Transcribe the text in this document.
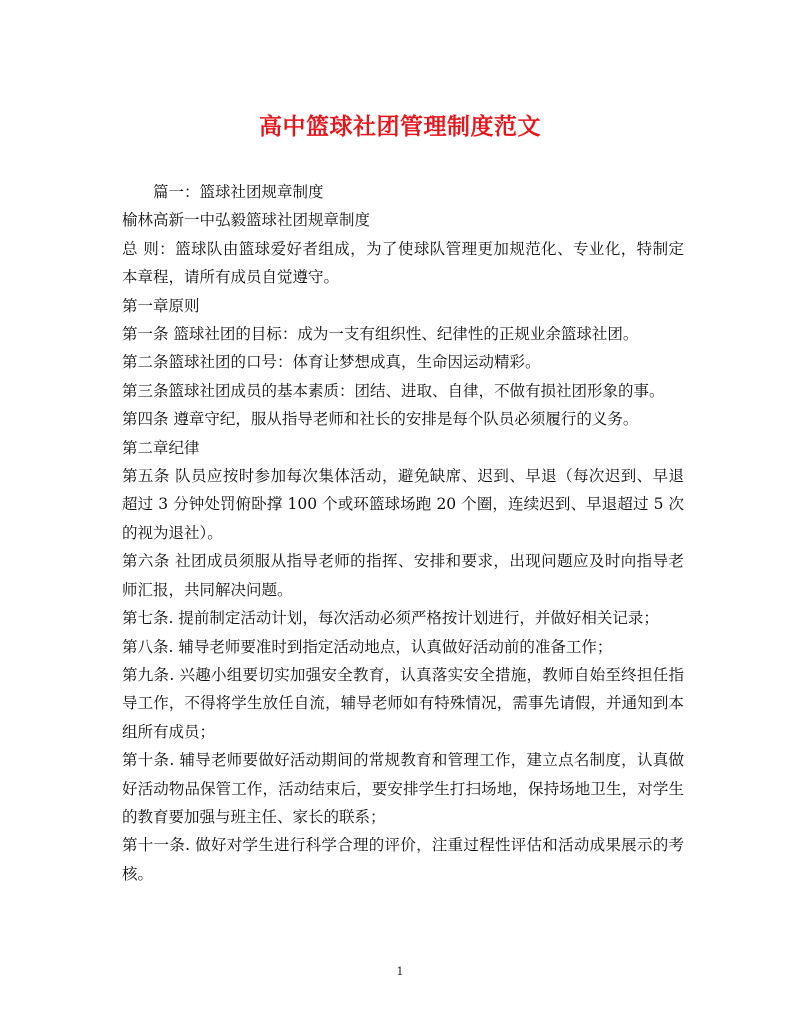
高中篮球社团管理制度范文

篇一：篮球社团规章制度

榆林高新一中弘毅篮球社团规章制度

总 则：篮球队由篮球爱好者组成，为了使球队管理更加规范化、专业化，特制定本章程，请所有成员自觉遵守。

第一章原则

第一条 篮球社团的目标：成为一支有组织性、纪律性的正规业余篮球社团。

第二条篮球社团的口号：体育让梦想成真，生命因运动精彩。

第三条篮球社团成员的基本素质：团结、进取、自律，不做有损社团形象的事。

第四条 遵章守纪，服从指导老师和社长的安排是每个队员必须履行的义务。

第二章纪律

第五条 队员应按时参加每次集体活动，避免缺席、迟到、早退（每次迟到、早退超过 3 分钟处罚俯卧撑 100 个或环篮球场跑 20 个圈，连续迟到、早退超过 5 次的视为退社）。

第六条 社团成员须服从指导老师的指挥、安排和要求，出现问题应及时向指导老师汇报，共同解决问题。

第七条. 提前制定活动计划，每次活动必须严格按计划进行，并做好相关记录；

第八条. 辅导老师要准时到指定活动地点，认真做好活动前的准备工作；

第九条. 兴趣小组要切实加强安全教育，认真落实安全措施，教师自始至终担任指导工作，不得将学生放任自流，辅导老师如有特殊情况，需事先请假，并通知到本组所有成员；

第十条. 辅导老师要做好活动期间的常规教育和管理工作，建立点名制度，认真做好活动物品保管工作，活动结束后，要安排学生打扫场地，保持场地卫生，对学生的教育要加强与班主任、家长的联系；

第十一条. 做好对学生进行科学合理的评价，注重过程性评估和活动成果展示的考核。

1
